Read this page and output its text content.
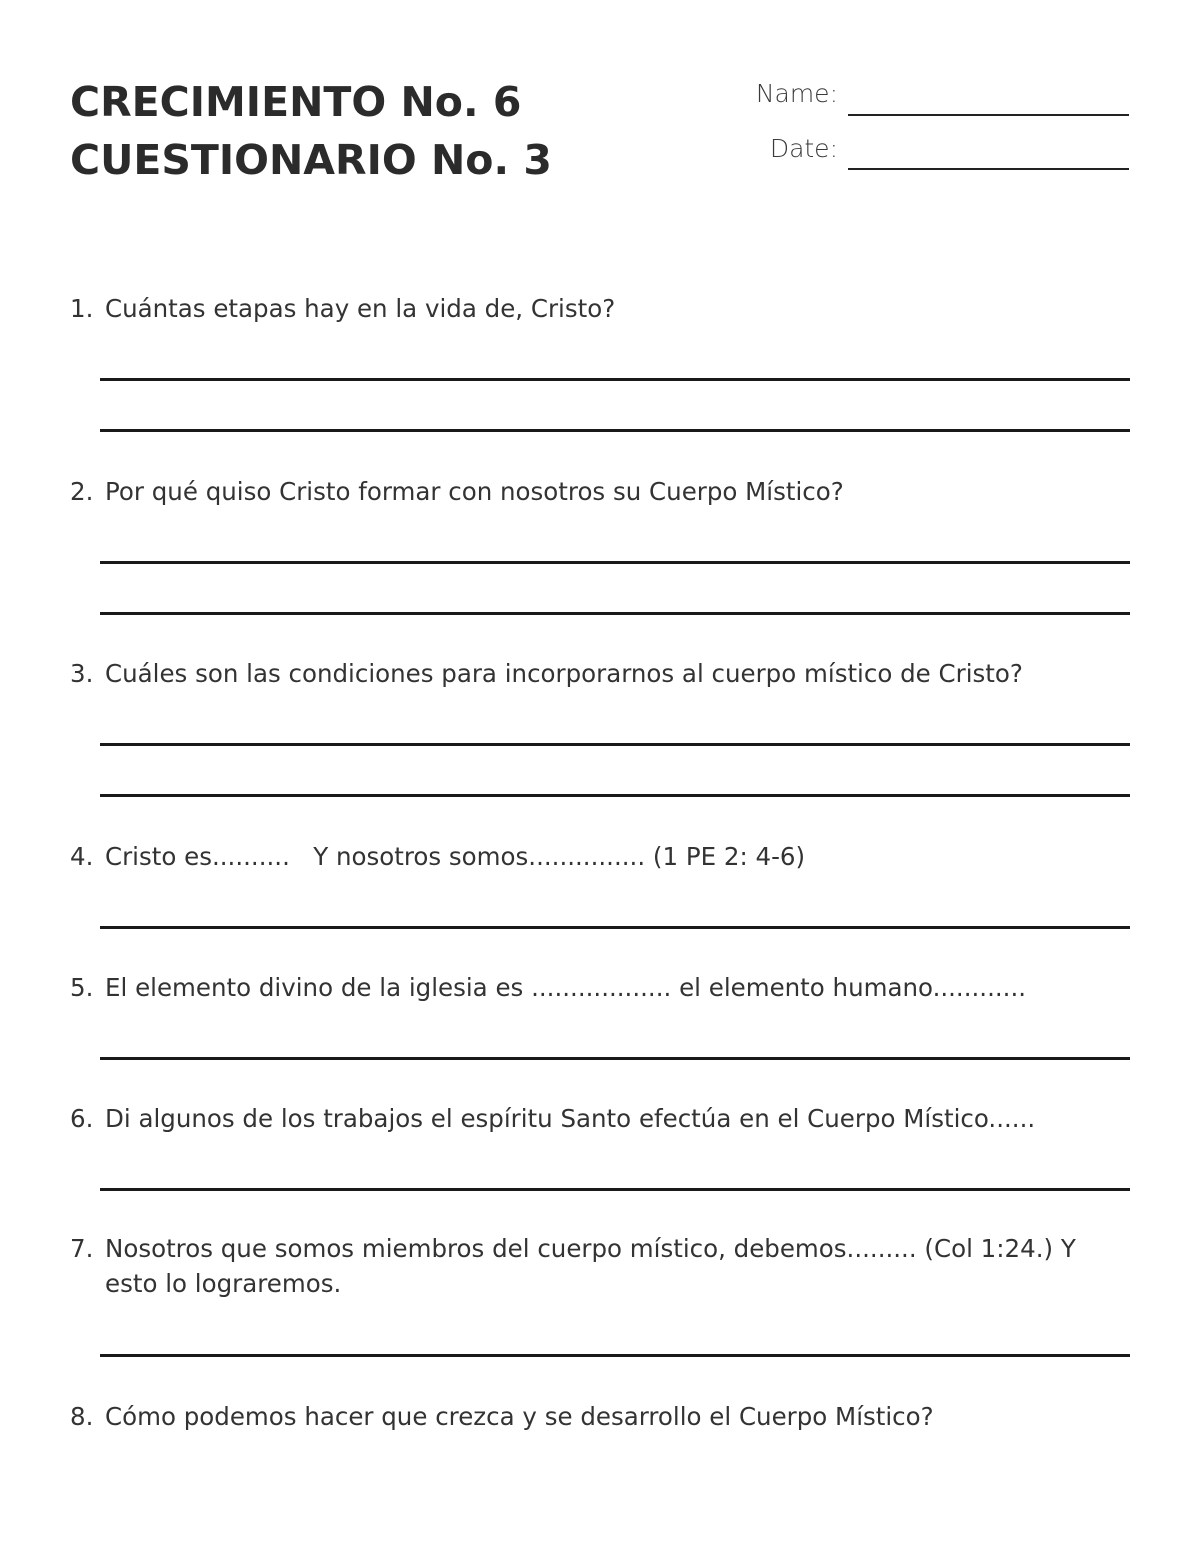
CRECIMIENTO No. 6
CUESTIONARIO No. 3
Name:
Date:
1. Cuántas etapas hay en la vida de, Cristo?
2. Por qué quiso Cristo formar con nosotros su Cuerpo Místico?
3. Cuáles son las condiciones para incorporarnos al cuerpo místico de Cristo?
4. Cristo es..........   Y nosotros somos............... (1 PE 2: 4-6)
5. El elemento divino de la iglesia es .................. el elemento humano............
6. Di algunos de los trabajos el espíritu Santo efectúa en el Cuerpo Místico......
7. Nosotros que somos miembros del cuerpo místico, debemos......... (Col 1:24.) Y esto lo lograremos.
8. Cómo podemos hacer que crezca y se desarrollo el Cuerpo Místico?
